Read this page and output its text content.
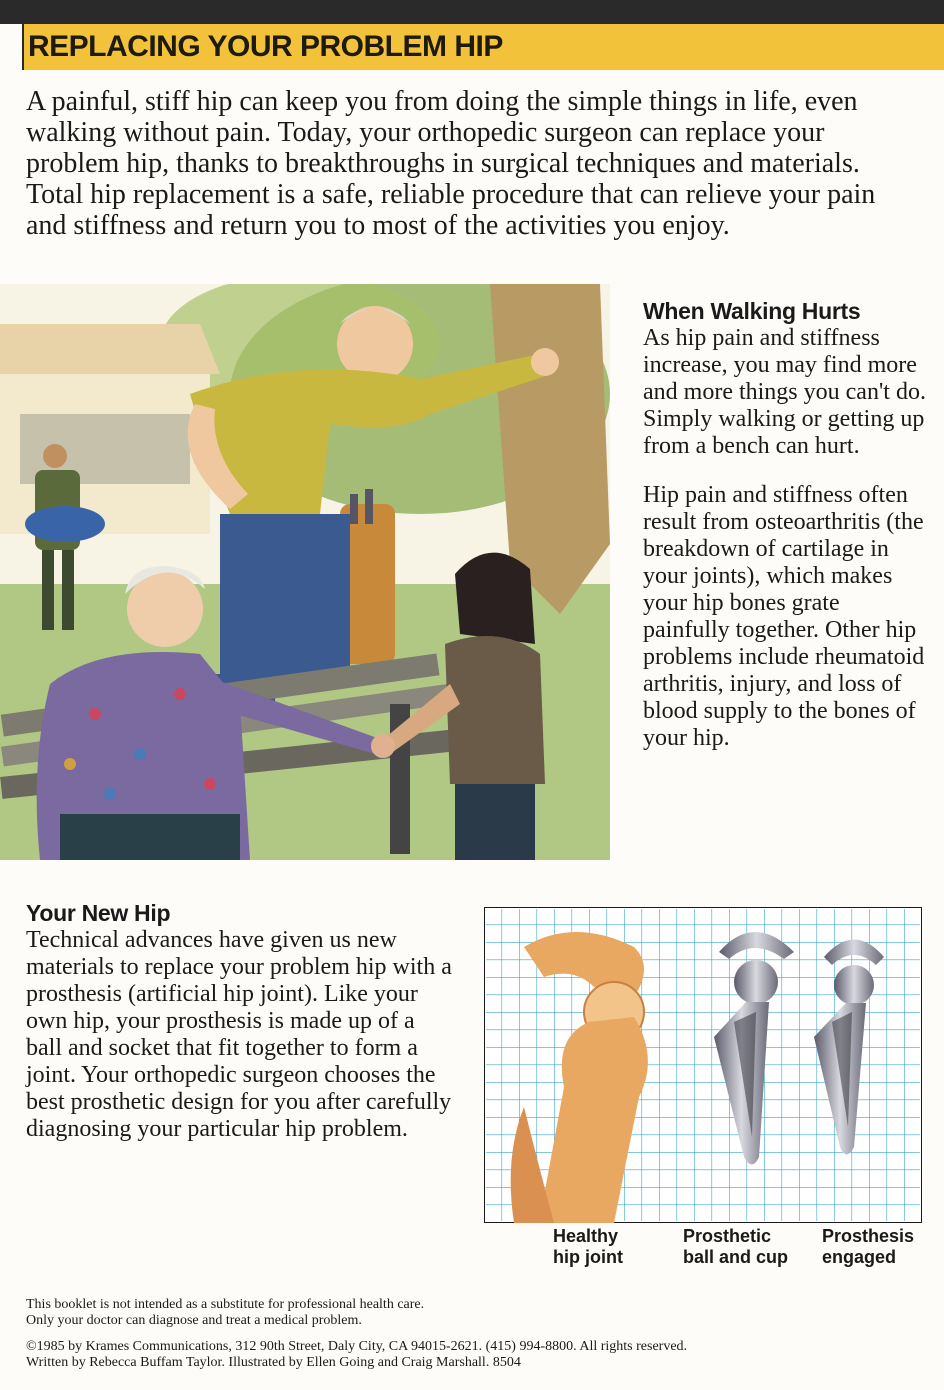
REPLACING YOUR PROBLEM HIP

A painful, stiff hip can keep you from doing the simple things in life, even walking without pain. Today, your orthopedic surgeon can replace your problem hip, thanks to breakthroughs in surgical techniques and materials. Total hip replacement is a safe, reliable procedure that can relieve your pain and stiffness and return you to most of the activities you enjoy.

When Walking Hurts

As hip pain and stiffness increase, you may find more and more things you can't do. Simply walking or getting up from a bench can hurt.

Hip pain and stiffness often result from osteoarthritis (the breakdown of cartilage in your joints), which makes your hip bones grate painfully together. Other hip problems include rheumatoid arthritis, injury, and loss of blood supply to the bones of your hip.

Your New Hip

Technical advances have given us new materials to replace your problem hip with a prosthesis (artificial hip joint). Like your own hip, your prosthesis is made up of a ball and socket that fit together to form a joint. Your orthopedic surgeon chooses the best prosthetic design for you after carefully diagnosing your particular hip problem.

Healthy
hip joint
Prosthetic
ball and cup
Prosthesis
engaged

This booklet is not intended as a substitute for professional health care.

Only your doctor can diagnose and treat a medical problem.

©1985 by Krames Communications, 312 90th Street, Daly City, CA 94015-2621. (415) 994-8800. All rights reserved.

Written by Rebecca Buffam Taylor. Illustrated by Ellen Going and Craig Marshall. 8504
